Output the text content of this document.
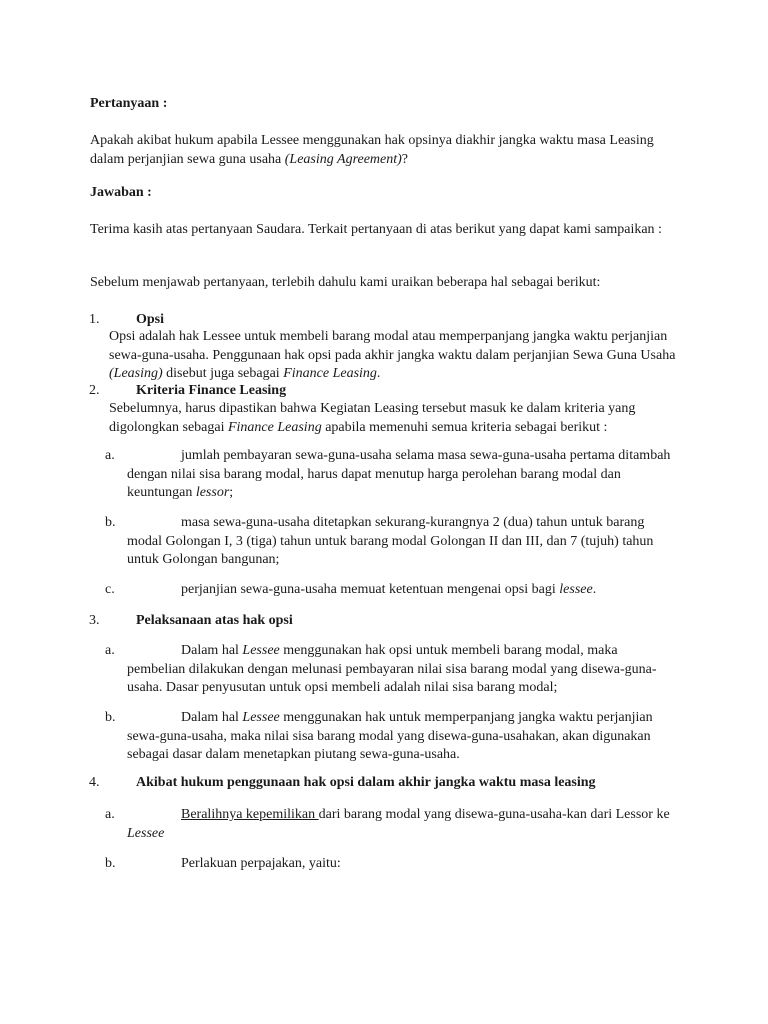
Pertanyaan :

Apakah akibat hukum apabila Lessee menggunakan hak opsinya diakhir jangka waktu masa Leasing dalam perjanjian sewa guna usaha (Leasing Agreement)?

Jawaban :

Terima kasih atas pertanyaan Saudara. Terkait pertanyaan di atas berikut yang dapat kami sampaikan :

Sebelum menjawab pertanyaan, terlebih dahulu kami uraikan beberapa hal sebagai berikut:

1.	Opsi

Opsi adalah hak Lessee untuk membeli barang modal atau memperpanjang jangka waktu perjanjian sewa-guna-usaha. Penggunaan hak opsi pada akhir jangka waktu dalam perjanjian Sewa Guna Usaha (Leasing) disebut juga sebagai Finance Leasing.

2.	Kriteria Finance Leasing

Sebelumnya, harus dipastikan bahwa Kegiatan Leasing tersebut masuk ke dalam kriteria yang digolongkan sebagai Finance Leasing apabila memenuhi semua kriteria sebagai berikut :

a.	jumlah pembayaran sewa-guna-usaha selama masa sewa-guna-usaha pertama ditambah dengan nilai sisa barang modal, harus dapat menutup harga perolehan barang modal dan keuntungan lessor;

b.	masa sewa-guna-usaha ditetapkan sekurang-kurangnya 2 (dua) tahun untuk barang modal Golongan I, 3 (tiga) tahun untuk barang modal Golongan II dan III, dan 7 (tujuh) tahun untuk Golongan bangunan;

c.	perjanjian sewa-guna-usaha memuat ketentuan mengenai opsi bagi lessee.

3.	Pelaksanaan atas hak opsi
a.	Dalam hal Lessee menggunakan hak opsi untuk membeli barang modal, maka pembelian dilakukan dengan melunasi pembayaran nilai sisa barang modal yang disewa-guna-usaha. Dasar penyusutan untuk opsi membeli adalah nilai sisa barang modal;

b.	Dalam hal Lessee menggunakan hak untuk memperpanjang jangka waktu perjanjian sewa-guna-usaha, maka nilai sisa barang modal yang disewa-guna-usahakan, akan digunakan sebagai dasar dalam menetapkan piutang sewa-guna-usaha.

4.	Akibat hukum penggunaan hak opsi dalam akhir jangka waktu masa leasing
a.	Beralihnya kepemilikan dari barang modal yang disewa-guna-usaha-kan dari Lessor ke Lessee

b.	Perlakuan perpajakan, yaitu:
